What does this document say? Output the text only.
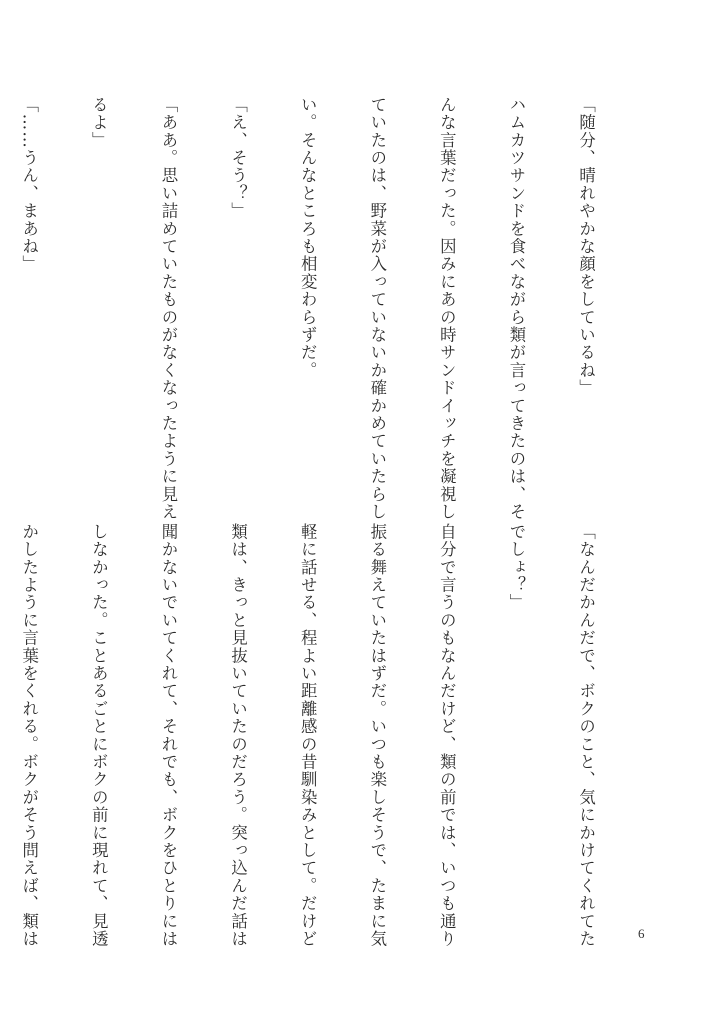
「随分、晴れやかな顔をしているね」

ハムカツサンドを食べながら類が言ってきたのは、そ

んな言葉だった。因みにあの時サンドイッチを凝視し

ていたのは、野菜が入っていないか確かめていたらし

い。そんなところも相変わらずだ。

「え、そう？」

「ああ。思い詰めていたものがなくなったように見え

るよ」

「……うん、まあね」

「なんだかんだで、ボクのこと、気にかけてくれてた

でしょ？」

自分で言うのもなんだけど、類の前では、いつも通り

振る舞えていたはずだ。いつも楽しそうで、たまに気

軽に話せる、程よい距離感の昔馴染みとして。だけど

類は、きっと見抜いていたのだろう。突っ込んだ話は

聞かないでいてくれて、それでも、ボクをひとりには

しなかった。ことあるごとにボクの前に現れて、見透

かしたように言葉をくれる。ボクがそう問えば、類は

	6
